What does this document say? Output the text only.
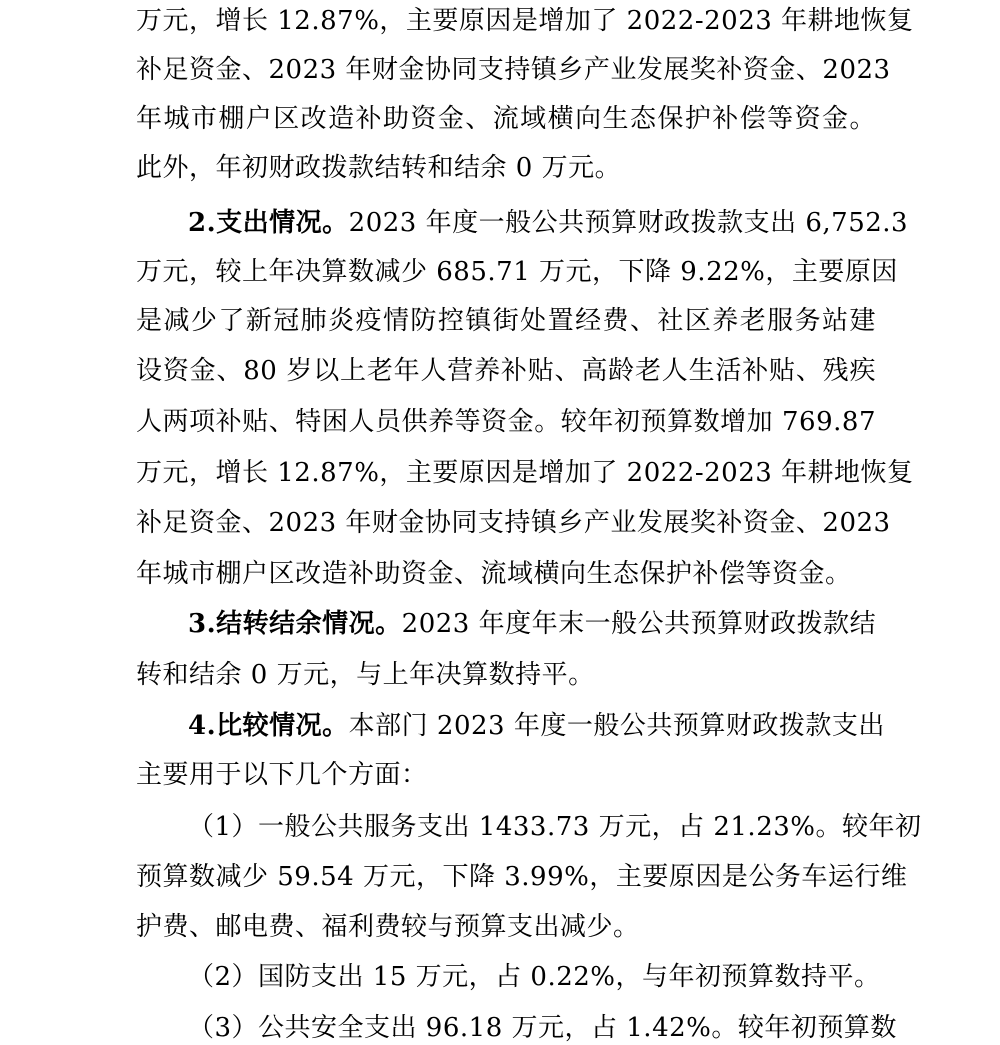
万元，增长 12.87%，主要原因是增加了 2022-2023 年耕地恢复
补足资金、2023 年财金协同支持镇乡产业发展奖补资金、2023
年城市棚户区改造补助资金、流域横向生态保护补偿等资金。
此外，年初财政拨款结转和结余 0 万元。
2.支出情况。2023 年度一般公共预算财政拨款支出 6,752.3
万元，较上年决算数减少 685.71 万元，下降 9.22%，主要原因
是减少了新冠肺炎疫情防控镇街处置经费、社区养老服务站建
设资金、80 岁以上老年人营养补贴、高龄老人生活补贴、残疾
人两项补贴、特困人员供养等资金。较年初预算数增加 769.87
万元，增长 12.87%，主要原因是增加了 2022-2023 年耕地恢复
补足资金、2023 年财金协同支持镇乡产业发展奖补资金、2023
年城市棚户区改造补助资金、流域横向生态保护补偿等资金。
3.结转结余情况。2023 年度年末一般公共预算财政拨款结
转和结余 0 万元，与上年决算数持平。
4.比较情况。本部门 2023 年度一般公共预算财政拨款支出
主要用于以下几个方面：
（1）一般公共服务支出 1433.73 万元，占 21.23%。较年初
预算数减少 59.54 万元，下降 3.99%，主要原因是公务车运行维
护费、邮电费、福利费较与预算支出减少。
（2）国防支出 15 万元，占 0.22%，与年初预算数持平。
（3）公共安全支出 96.18 万元，占 1.42%。较年初预算数
